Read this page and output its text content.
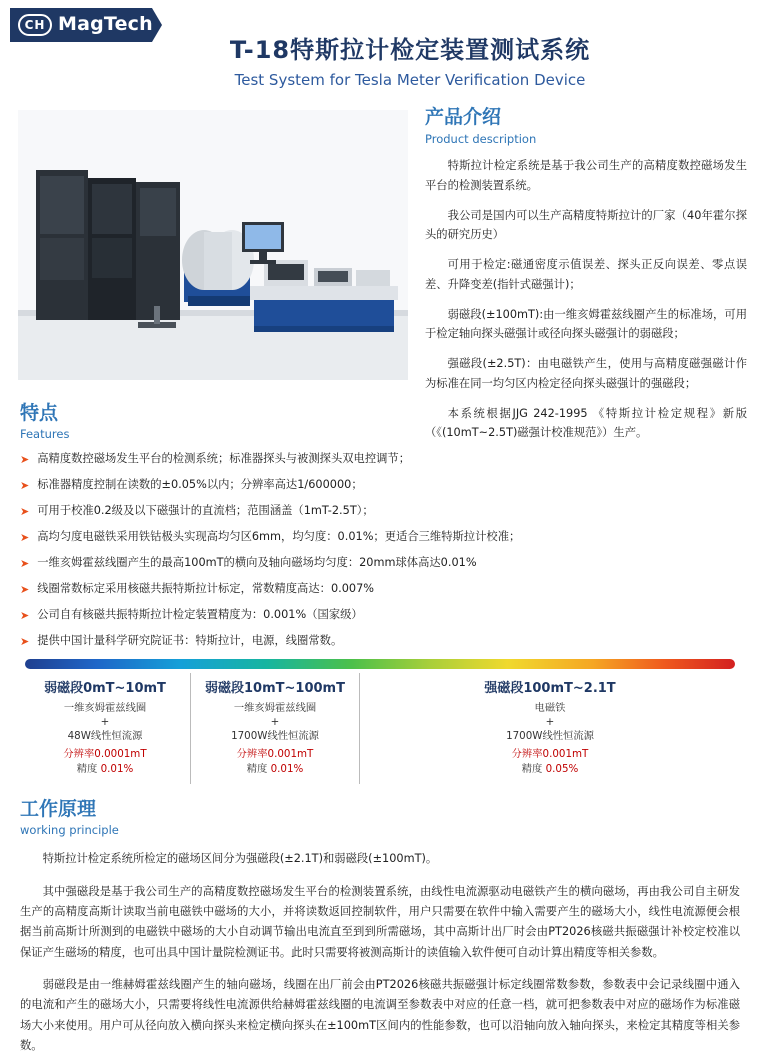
CH MagTech
T-18特斯拉计检定装置测试系统
Test System for Tesla Meter Verification Device
产品介绍
Product description
特斯拉计检定系统是基于我公司生产的高精度数控磁场发生平台的检测装置系统。
我公司是国内可以生产高精度特斯拉计的厂家（40年霍尔探头的研究历史）
可用于检定:磁通密度示值误差、探头正反向误差、零点误差、升降变差(指针式磁强计)；
弱磁段(±100mT):由一维亥姆霍兹线圈产生的标准场，可用于检定轴向探头磁强计或径向探头磁强计的弱磁段；
强磁段(±2.5T)：由电磁铁产生，使用与高精度磁强磁计作为标准在同一均匀区内检定径向探头磁强计的强磁段；
本系统根据JJG 242-1995 《特斯拉计检定规程》新版（《(10mT~2.5T)磁强计校准规范》）生产。
特点
Features
➤ 高精度数控磁场发生平台的检测系统；标准器探头与被测探头双电控调节；
➤ 标准器精度控制在读数的±0.05%以内；分辨率高达1/600000；
➤ 可用于校准0.2级及以下磁强计的直流档；范围涵盖（1mT-2.5T）；
➤ 高均匀度电磁铁采用铁钴极头实现高均匀区6mm，均匀度：0.01%；更适合三维特斯拉计校准；
➤ 一维亥姆霍兹线圈产生的最高100mT的横向及轴向磁场均匀度：20mm球体高达0.01%
➤ 线圈常数标定采用核磁共振特斯拉计标定，常数精度高达：0.007%
➤ 公司自有核磁共振特斯拉计检定装置精度为：0.001%（国家级）
➤ 提供中国计量科学研究院证书：特斯拉计，电源，线圈常数。
弱磁段0mT~10mT
一维亥姆霍兹线圈
+
48W线性恒流源
分辨率0.0001mT
精度 0.01%
弱磁段10mT~100mT
一维亥姆霍兹线圈
+
1700W线性恒流源
分辨率0.001mT
精度 0.01%
强磁段100mT~2.1T
电磁铁
+
1700W线性恒流源
分辨率0.001mT
精度 0.05%
工作原理
working principle
特斯拉计检定系统所检定的磁场区间分为强磁段(±2.1T)和弱磁段(±100mT)。
其中强磁段是基于我公司生产的高精度数控磁场发生平台的检测装置系统，由线性电流源驱动电磁铁产生的横向磁场，再由我公司自主研发生产的高精度高斯计读取当前电磁铁中磁场的大小，并将读数返回控制软件，用户只需要在软件中输入需要产生的磁场大小，线性电流源便会根据当前高斯计所测到的电磁铁中磁场的大小自动调节输出电流直至到到所需磁场，其中高斯计出厂时会由PT2026核磁共振磁强计补校定校准以保证产生磁场的精度，也可出具中国计量院检测证书。此时只需要将被测高斯计的读值输入软件便可自动计算出精度等相关参数。
弱磁段是由一维赫姆霍兹线圈产生的轴向磁场，线圈在出厂前会由PT2026核磁共振磁强计标定线圈常数参数，参数表中会记录线圈中通入的电流和产生的磁场大小，只需要将线性电流源供给赫姆霍兹线圈的电流调至参数表中对应的任意一档，就可把参数表中对应的磁场作为标准磁场大小来使用。用户可从径向放入横向探头来检定横向探头在±100mT区间内的性能参数，也可以沿轴向放入轴向探头，来检定其精度等相关参数。
